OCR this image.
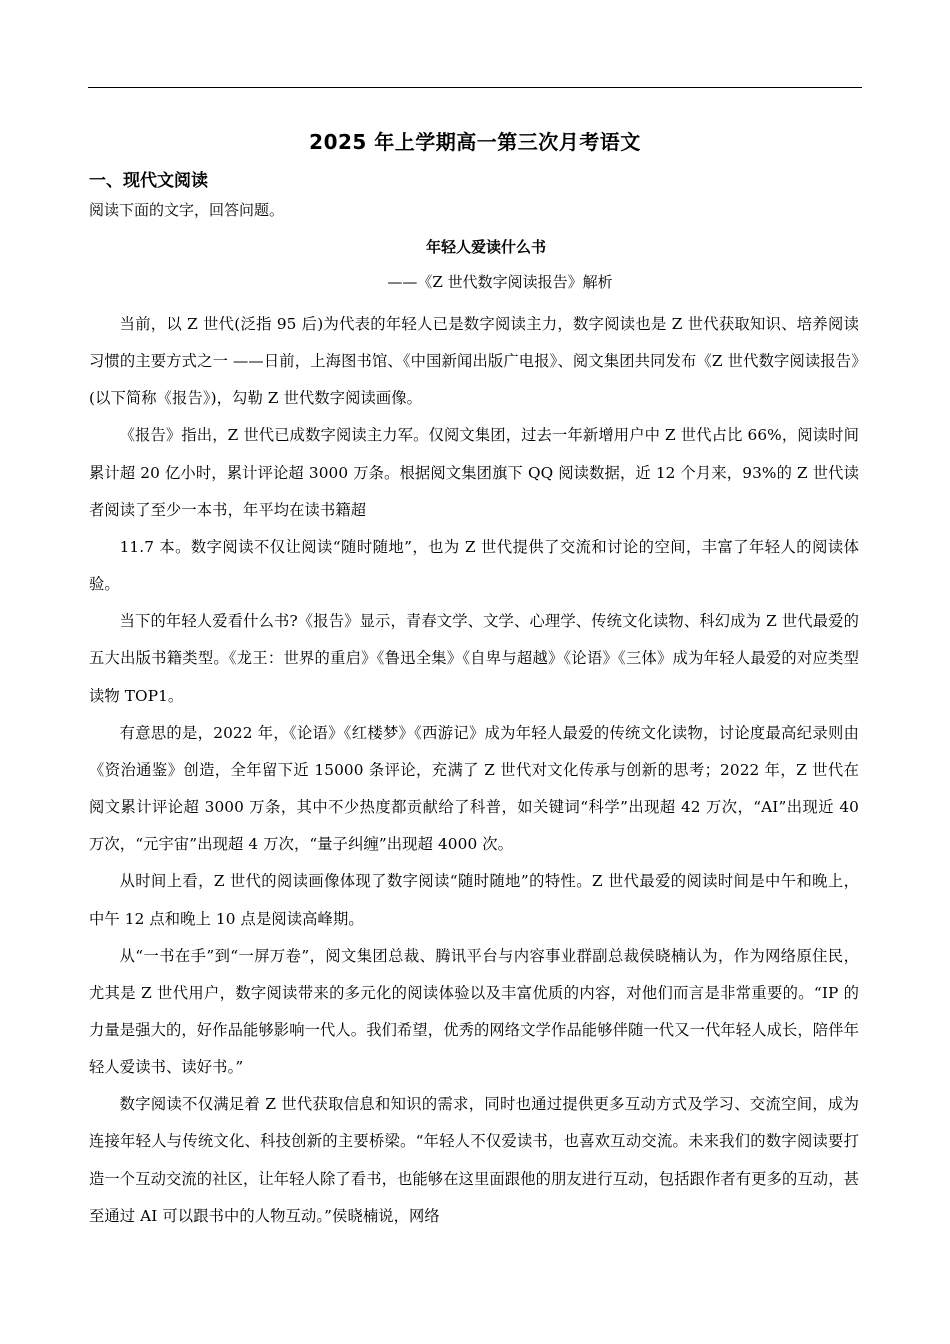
2025 年上学期高一第三次月考语文
一、现代文阅读
阅读下面的文字，回答问题。
年轻人爱读什么书
——《Z 世代数字阅读报告》解析

当前，以 Z 世代(泛指 95 后)为代表的年轻人已是数字阅读主力，数字阅读也是 Z 世代获取知识、培养阅读习惯的主要方式之一 ——日前，上海图书馆、《中国新闻出版广电报》、阅文集团共同发布《Z 世代数字阅读报告》(以下简称《报告》)，勾勒 Z 世代数字阅读画像。

《报告》指出，Z 世代已成数字阅读主力军。仅阅文集团，过去一年新增用户中 Z 世代占比 66%，阅读时间累计超 20 亿小时，累计评论超 3000 万条。根据阅文集团旗下 QQ 阅读数据，近 12 个月来，93%的 Z 世代读者阅读了至少一本书，年平均在读书籍超

11.7 本。数字阅读不仅让阅读“随时随地”，也为 Z 世代提供了交流和讨论的空间，丰富了年轻人的阅读体验。

当下的年轻人爱看什么书?《报告》显示，青春文学、文学、心理学、传统文化读物、科幻成为 Z 世代最爱的五大出版书籍类型。《龙王：世界的重启》《鲁迅全集》《自卑与超越》《论语》《三体》成为年轻人最爱的对应类型读物 TOP1。

有意思的是，2022 年，《论语》《红楼梦》《西游记》成为年轻人最爱的传统文化读物，讨论度最高纪录则由《资治通鉴》创造，全年留下近 15000 条评论，充满了 Z 世代对文化传承与创新的思考；2022 年，Z 世代在阅文累计评论超 3000 万条，其中不少热度都贡献给了科普，如关键词“科学”出现超 42 万次，“AI”出现近 40 万次，“元宇宙”出现超 4 万次，“量子纠缠”出现超 4000 次。

从时间上看，Z 世代的阅读画像体现了数字阅读“随时随地”的特性。Z 世代最爱的阅读时间是中午和晚上，中午 12 点和晚上 10 点是阅读高峰期。

从“一书在手”到“一屏万卷”，阅文集团总裁、腾讯平台与内容事业群副总裁侯晓楠认为，作为网络原住民，尤其是 Z 世代用户，数字阅读带来的多元化的阅读体验以及丰富优质的内容，对他们而言是非常重要的。“IP 的力量是强大的，好作品能够影响一代人。我们希望，优秀的网络文学作品能够伴随一代又一代年轻人成长，陪伴年轻人爱读书、读好书。”

数字阅读不仅满足着 Z 世代获取信息和知识的需求，同时也通过提供更多互动方式及学习、交流空间，成为连接年轻人与传统文化、科技创新的主要桥梁。“年轻人不仅爱读书，也喜欢互动交流。未来我们的数字阅读要打造一个互动交流的社区，让年轻人除了看书，也能够在这里面跟他的朋友进行互动，包括跟作者有更多的互动，甚至通过 AI 可以跟书中的人物互动。”侯晓楠说，网络
